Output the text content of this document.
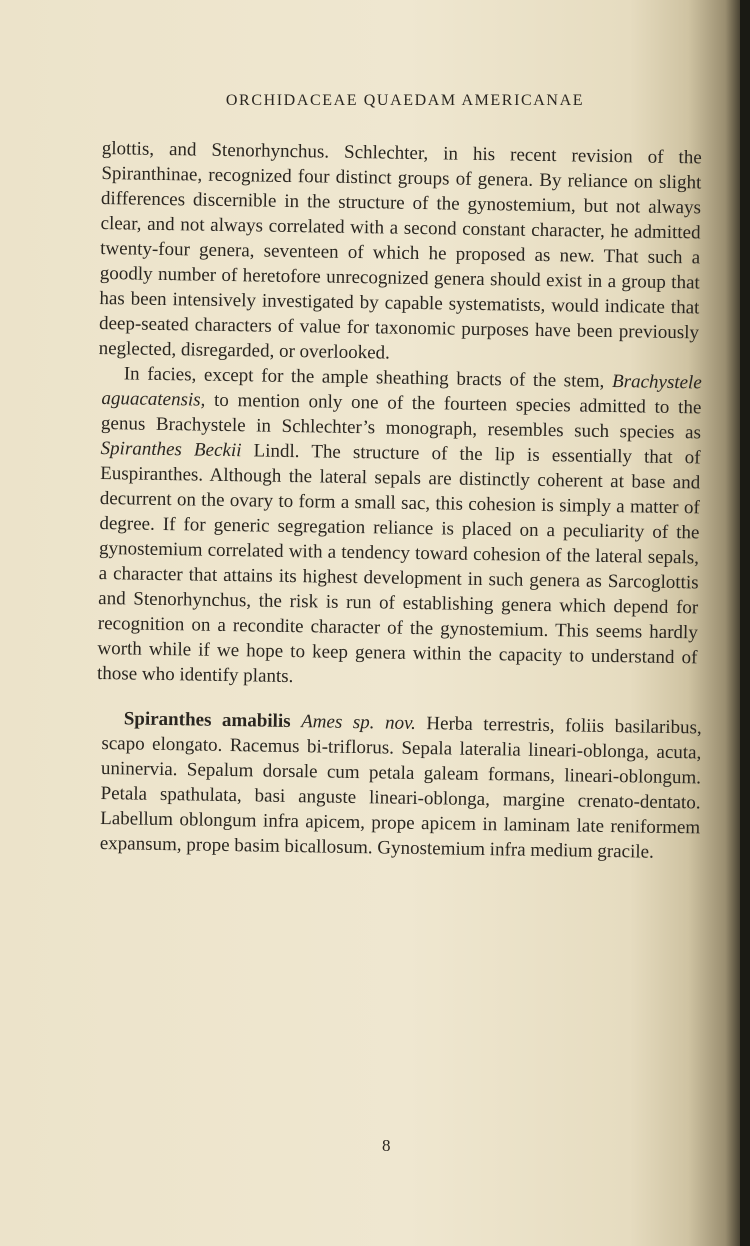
ORCHIDACEAE QUAEDAM AMERICANAE

glottis, and Stenorhynchus. Schlechter, in his recent revision of the Spiranthinae, recognized four distinct groups of genera. By reliance on slight differences discernible in the structure of the gynostemium, but not always clear, and not always correlated with a second constant character, he admitted twenty-four genera, seventeen of which he proposed as new. That such a goodly number of heretofore unrecognized genera should exist in a group that has been intensively investigated by capable systematists, would indicate that deep-seated characters of value for taxonomic purposes have been previously neglected, disregarded, or overlooked.

In facies, except for the ample sheathing bracts of the stem, Brachystele aguacatensis, to mention only one of the fourteen species admitted to the genus Brachystele in Schlechter’s monograph, resembles such species as Spiranthes Beckii Lindl. The structure of the lip is essentially that of Euspiranthes. Although the lateral sepals are distinctly coherent at base and decurrent on the ovary to form a small sac, this cohesion is simply a matter of degree. If for generic segregation reliance is placed on a peculiarity of the gynostemium correlated with a tendency toward cohesion of the lateral sepals, a character that attains its highest development in such genera as Sarcoglottis and Stenorhynchus, the risk is run of establishing genera which depend for recognition on a recondite character of the gynostemium. This seems hardly worth while if we hope to keep genera within the capacity to understand of those who identify plants.

Spiranthes amabilis Ames sp. nov. Herba terrestris, foliis basilaribus, scapo elongato. Racemus bi-triflorus. Sepala lateralia lineari-oblonga, acuta, uninervia. Sepalum dorsale cum petala galeam formans, lineari-oblongum. Petala spathulata, basi anguste lineari-oblonga, margine crenato-dentato. Labellum oblongum infra apicem, prope apicem in laminam late reniformem expansum, prope basim bicallosum. Gynostemium infra medium gracile.

8
